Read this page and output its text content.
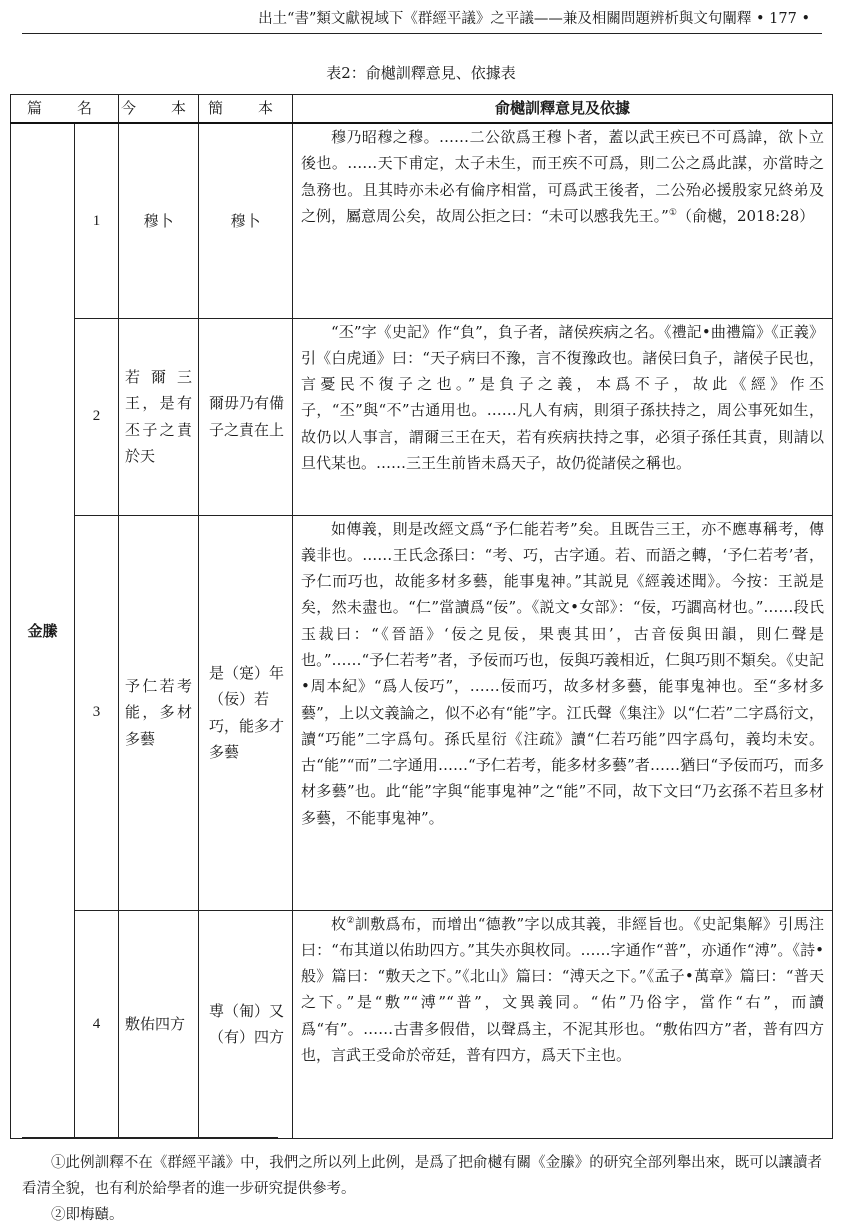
出土“書”類文獻視域下《群經平議》之平議——兼及相關問題辨析與文句闡釋 • 177 •
表2：俞樾訓釋意見、依據表
篇　名		今　本	簡　本	俞樾訓釋意見及依據
金縢	1	穆卜	穆卜	穆乃昭穆之穆。……二公欲爲王穆卜者，蓋以武王疾已不可爲諱，欲卜立後也。……天下甫定，太子未生，而王疾不可爲，則二公之爲此謀，亦當時之急務也。且其時亦未必有倫序相當，可爲武王後者，二公殆必援殷家兄終弟及之例，屬意周公矣，故周公拒之曰：“未可以慼我先王。”①（俞樾，2018:28）
	2	若爾三王，是有丕子之責於天	爾毋乃有備子之責在上	“丕”字《史記》作“負”，負子者，諸侯疾病之名。《禮記•曲禮篇》《正義》引《白虎通》曰：“天子病曰不豫，言不復豫政也。諸侯曰負子，諸侯子民也，言憂民不復子之也。”是負子之義，本爲不子，故此《經》作丕子，“丕”與“不”古通用也。……凡人有病，則須子孫扶持之，周公事死如生，故仍以人事言，謂爾三王在天，若有疾病扶持之事，必須子孫任其責，則請以旦代某也。……三王生前皆未爲天子，故仍從諸侯之稱也。
	3	予仁若考能，多材多藝	是（寔）年（佞）若巧，能多才多藝	如傳義，則是改經文爲“予仁能若考”矣。且既告三王，亦不應專稱考，傳義非也。……王氏念孫曰：“考、巧，古字通。若、而語之轉，‘予仁若考’者，予仁而巧也，故能多材多藝，能事鬼神。”其説見《經義述聞》。今按：王説是矣，然未盡也。“仁”當讀爲“佞”。《説文•女部》：“佞，巧讇高材也。”……段氏玉裁曰：“《晉語》‘佞之見佞，果喪其田’，古音佞與田韻，則仁聲是也。”……“予仁若考”者，予佞而巧也，佞與巧義相近，仁與巧則不類矣。《史記•周本紀》“爲人佞巧”，……佞而巧，故多材多藝，能事鬼神也。至“多材多藝”，上以文義論之，似不必有“能”字。江氏聲《集注》以“仁若”二字爲衍文，讀“巧能”二字爲句。孫氏星衍《注疏》讀“仁若巧能”四字爲句，義均未安。古“能”“而”二字通用……“予仁若考，能多材多藝”者……猶曰“予佞而巧，而多材多藝”也。此“能”字與“能事鬼神”之“能”不同，故下文曰“乃玄孫不若旦多材多藝，不能事鬼神”。
	4	敷佑四方	尃（匍）又（有）四方	枚②訓敷爲布，而增出“德教”字以成其義，非經旨也。《史記集解》引馬注曰：“布其道以佑助四方。”其失亦與枚同。……字通作“普”，亦通作“溥”。《詩•般》篇曰：“敷天之下。”《北山》篇曰：“溥天之下。”《孟子•萬章》篇曰：“普天之下。”是“敷”“溥”“普”，文異義同。“佑”乃俗字，當作“右”，而讀爲“有”。……古書多假借，以聲爲主，不泥其形也。“敷佑四方”者，普有四方也，言武王受命於帝廷，普有四方，爲天下主也。

①此例訓釋不在《群經平議》中，我們之所以列上此例，是爲了把俞樾有關《金縢》的研究全部列舉出來，既可以讓讀者看清全貌，也有利於給學者的進一步研究提供參考。

②即梅賾。
